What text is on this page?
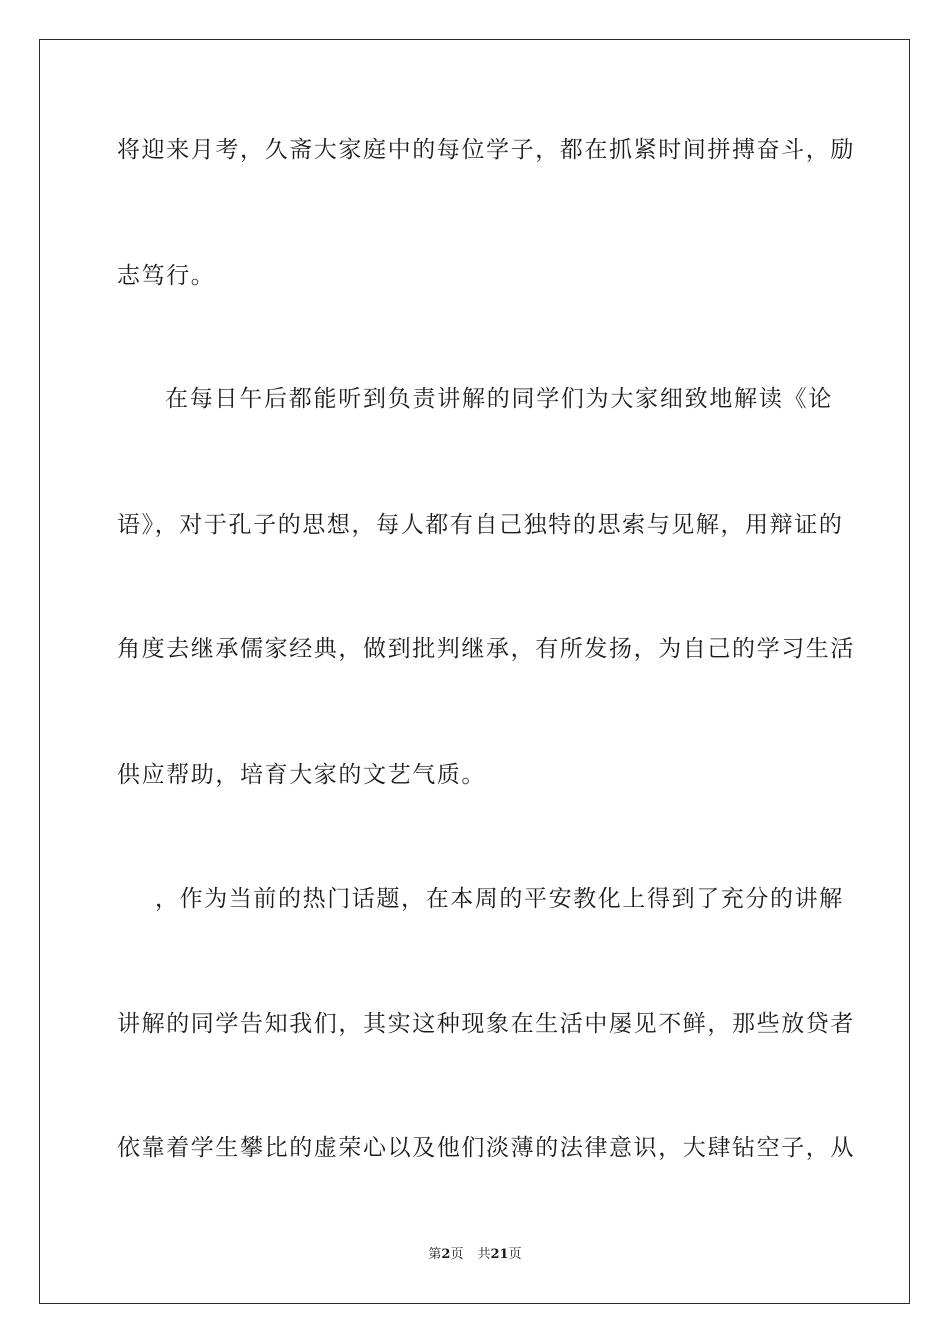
将迎来月考，久斋大家庭中的每位学子，都在抓紧时间拼搏奋斗，励
志笃行。
在每日午后都能听到负责讲解的同学们为大家细致地解读《论
语》，对于孔子的思想，每人都有自己独特的思索与见解，用辩证的
角度去继承儒家经典，做到批判继承，有所发扬，为自己的学习生活
供应帮助，培育大家的文艺气质。
，作为当前的热门话题，在本周的平安教化上得到了充分的讲解
讲解的同学告知我们，其实这种现象在生活中屡见不鲜，那些放贷者
依靠着学生攀比的虚荣心以及他们淡薄的法律意识，大肆钻空子，从
第2页 共21页
